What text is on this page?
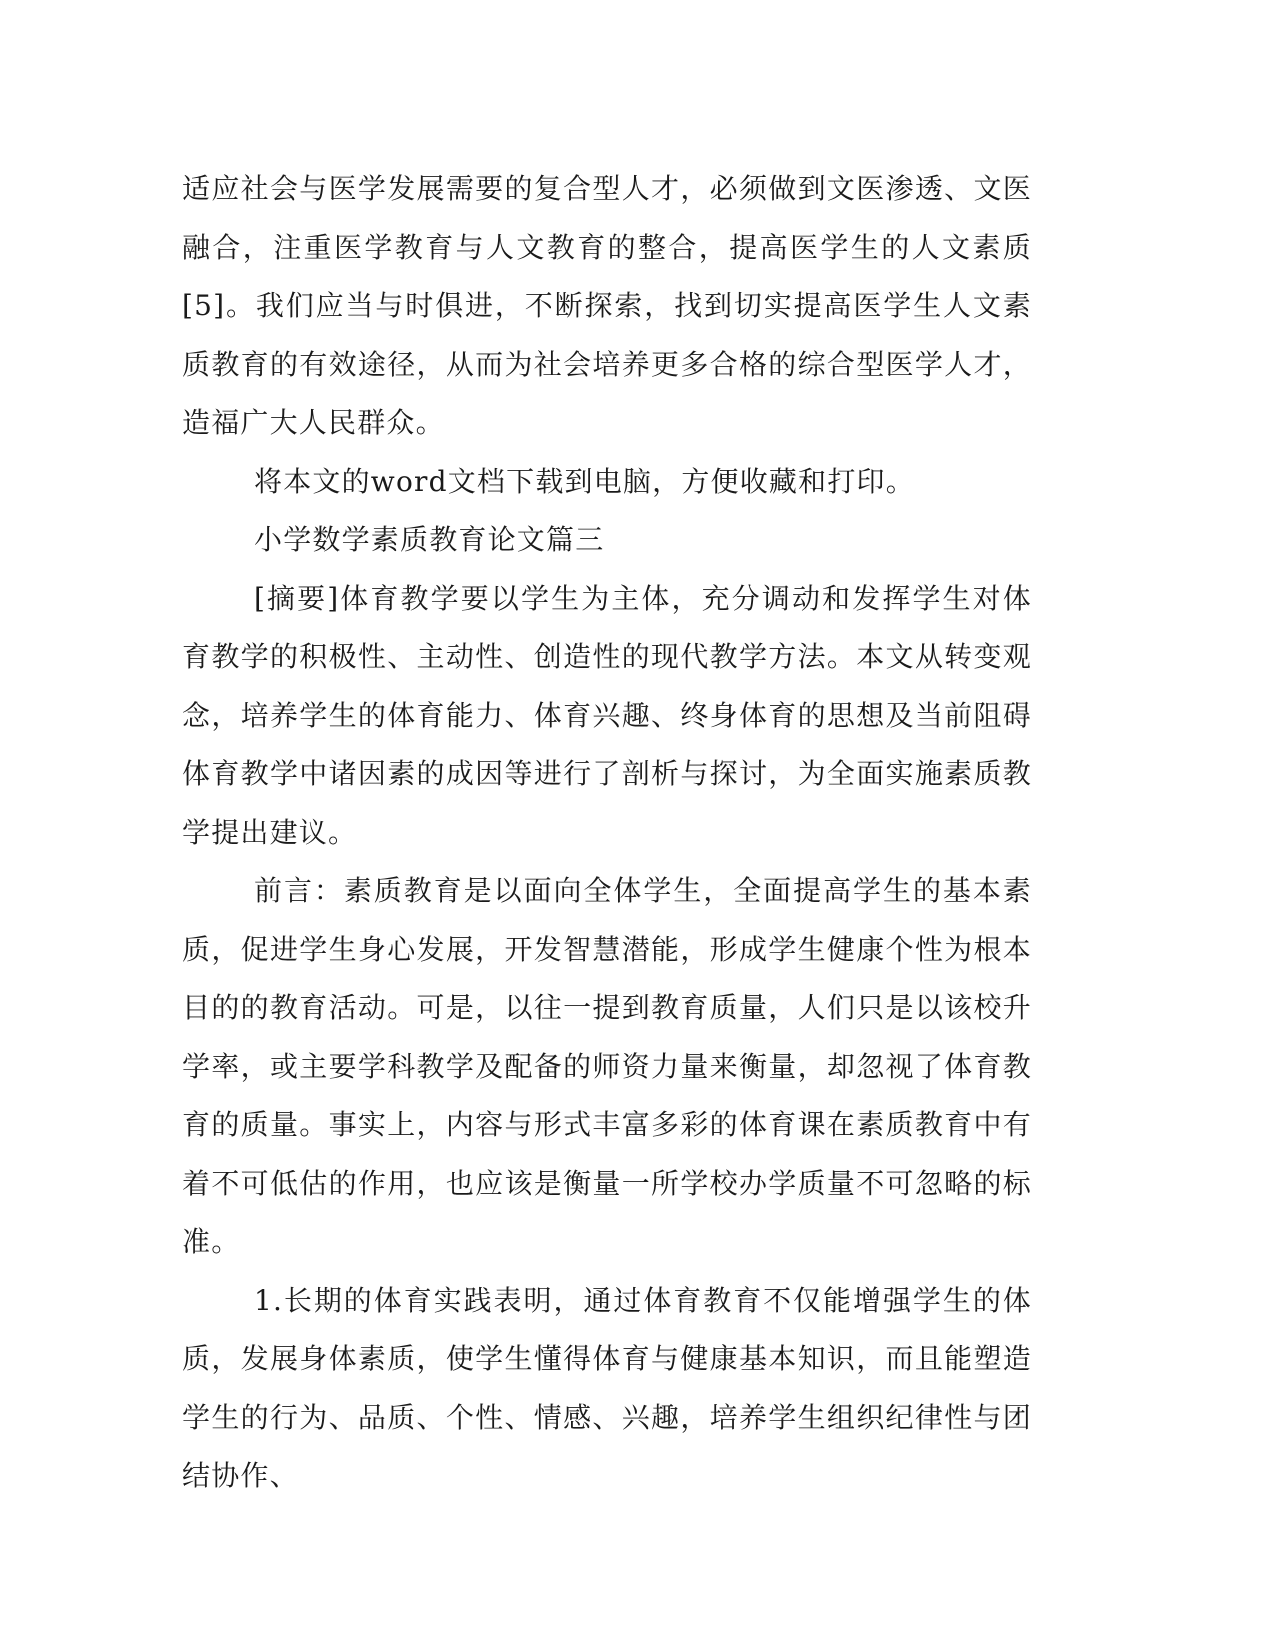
适应社会与医学发展需要的复合型人才，必须做到文医渗透、文医融合，注重医学教育与人文教育的整合，提高医学生的人文素质[5]。我们应当与时俱进，不断探索，找到切实提高医学生人文素质教育的有效途径，从而为社会培养更多合格的综合型医学人才，造福广大人民群众。

将本文的word文档下载到电脑，方便收藏和打印。

小学数学素质教育论文篇三

[摘要]体育教学要以学生为主体，充分调动和发挥学生对体育教学的积极性、主动性、创造性的现代教学方法。本文从转变观念，培养学生的体育能力、体育兴趣、终身体育的思想及当前阻碍体育教学中诸因素的成因等进行了剖析与探讨，为全面实施素质教学提出建议。

前言：素质教育是以面向全体学生，全面提高学生的基本素质，促进学生身心发展，开发智慧潜能，形成学生健康个性为根本目的的教育活动。可是，以往一提到教育质量，人们只是以该校升学率，或主要学科教学及配备的师资力量来衡量，却忽视了体育教育的质量。事实上，内容与形式丰富多彩的体育课在素质教育中有着不可低估的作用，也应该是衡量一所学校办学质量不可忽略的标准。

1.长期的体育实践表明，通过体育教育不仅能增强学生的体质，发展身体素质，使学生懂得体育与健康基本知识，而且能塑造学生的行为、品质、个性、情感、兴趣，培养学生组织纪律性与团结协作、
